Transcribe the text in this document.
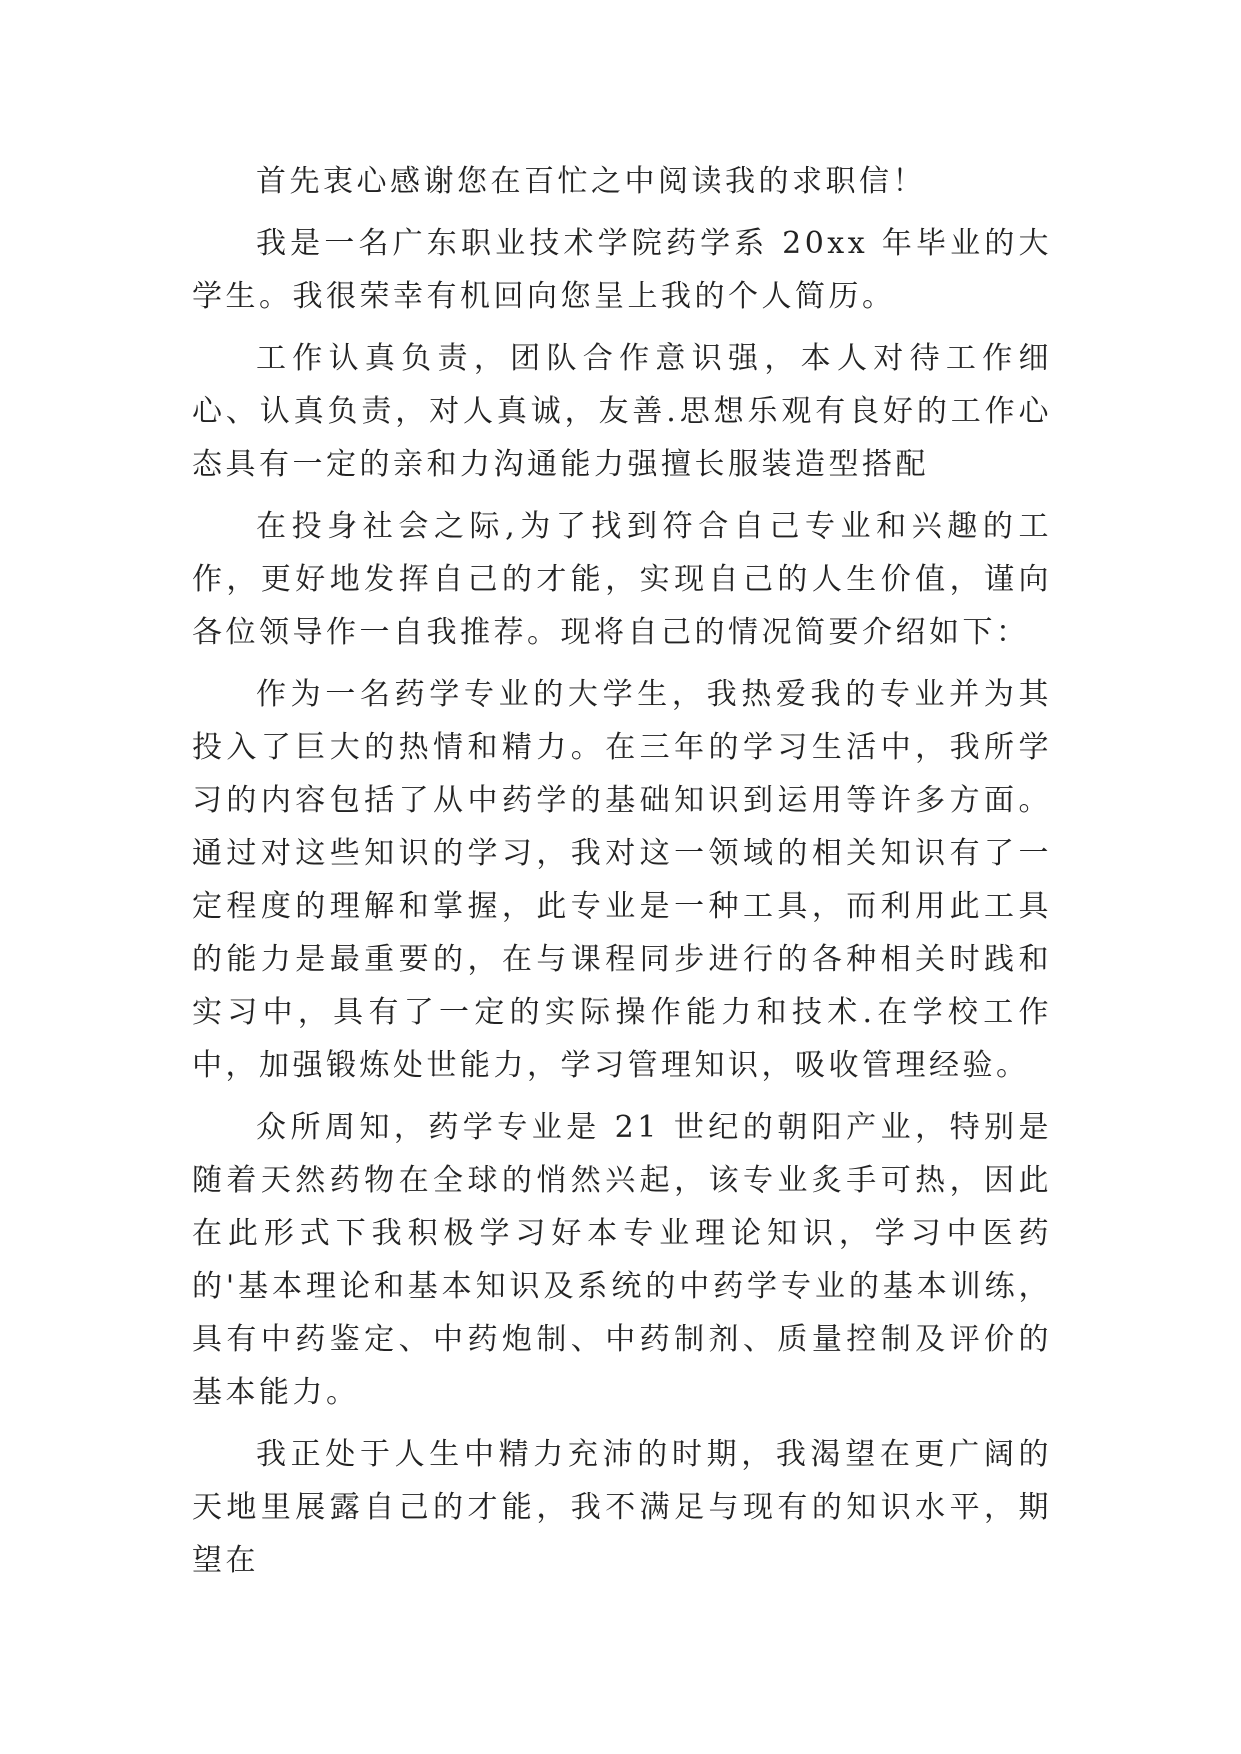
首先衷心感谢您在百忙之中阅读我的求职信！

我是一名广东职业技术学院药学系 20xx 年毕业的大学生。我很荣幸有机回向您呈上我的个人简历。

工作认真负责，团队合作意识强，本人对待工作细心、认真负责，对人真诚，友善.思想乐观有良好的工作心态具有一定的亲和力沟通能力强擅长服装造型搭配

在投身社会之际,为了找到符合自己专业和兴趣的工作，更好地发挥自己的才能，实现自己的人生价值，谨向各位领导作一自我推荐。现将自己的情况简要介绍如下：

作为一名药学专业的大学生，我热爱我的专业并为其投入了巨大的热情和精力。在三年的学习生活中，我所学习的内容包括了从中药学的基础知识到运用等许多方面。通过对这些知识的学习，我对这一领域的相关知识有了一定程度的理解和掌握，此专业是一种工具，而利用此工具的能力是最重要的，在与课程同步进行的各种相关时践和实习中，具有了一定的实际操作能力和技术.在学校工作中，加强锻炼处世能力，学习管理知识，吸收管理经验。

众所周知，药学专业是 21 世纪的朝阳产业，特别是随着天然药物在全球的悄然兴起，该专业炙手可热，因此在此形式下我积极学习好本专业理论知识，学习中医药的'基本理论和基本知识及系统的中药学专业的基本训练，具有中药鉴定、中药炮制、中药制剂、质量控制及评价的基本能力。

我正处于人生中精力充沛的时期，我渴望在更广阔的天地里展露自己的才能，我不满足与现有的知识水平，期望在
